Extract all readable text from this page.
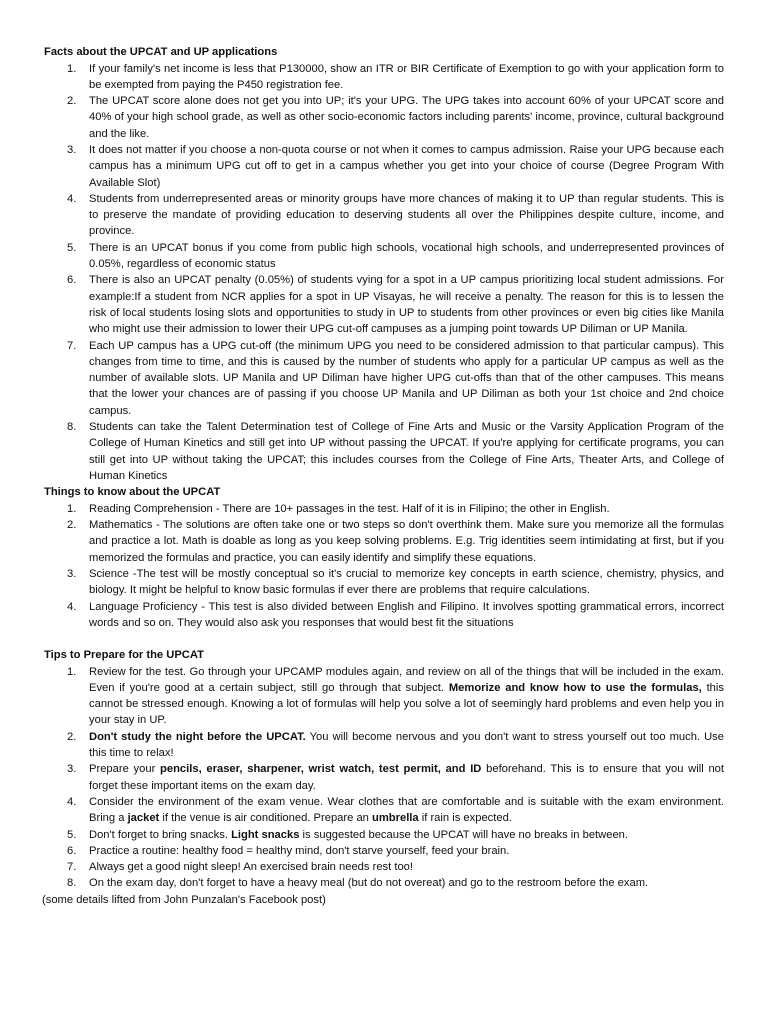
Facts about the UPCAT and UP applications

1. If your family's net income is less that P130000, show an ITR or BIR Certificate of Exemption to go with your application form to be exempted from paying the P450 registration fee.
2. The UPCAT score alone does not get you into UP; it's your UPG. The UPG takes into account 60% of your UPCAT score and 40% of your high school grade, as well as other socio-economic factors including parents' income, province, cultural background and the like.
3. It does not matter if you choose a non-quota course or not when it comes to campus admission. Raise your UPG because each campus has a minimum UPG cut off to get in a campus whether you get into your choice of course (Degree Program With Available Slot)
4. Students from underrepresented areas or minority groups have more chances of making it to UP than regular students. This is to preserve the mandate of providing education to deserving students all over the Philippines despite culture, income, and province.
5. There is an UPCAT bonus if you come from public high schools, vocational high schools, and underrepresented provinces of 0.05%, regardless of economic status
6. There is also an UPCAT penalty (0.05%) of students vying for a spot in a UP campus prioritizing local student admissions. For example:If a student from NCR applies for a spot in UP Visayas, he will receive a penalty. The reason for this is to lessen the risk of local students losing slots and opportunities to study in UP to students from other provinces or even big cities like Manila who might use their admission to lower their UPG cut-off campuses as a jumping point towards UP Diliman or UP Manila.
7. Each UP campus has a UPG cut-off (the minimum UPG you need to be considered admission to that particular campus). This changes from time to time, and this is caused by the number of students who apply for a particular UP campus as well as the number of available slots. UP Manila and UP Diliman have higher UPG cut-offs than that of the other campuses. This means that the lower your chances are of passing if you choose UP Manila and UP Diliman as both your 1st choice and 2nd choice campus.
8. Students can take the Talent Determination test of College of Fine Arts and Music or the Varsity Application Program of the College of Human Kinetics and still get into UP without passing the UPCAT. If you're applying for certificate programs, you can still get into UP without taking the UPCAT; this includes courses from the College of Fine Arts, Theater Arts, and College of Human Kinetics

Things to know about the UPCAT

1. Reading Comprehension - There are 10+ passages in the test. Half of it is in Filipino; the other in English.
2. Mathematics - The solutions are often take one or two steps so don't overthink them. Make sure you memorize all the formulas and practice a lot. Math is doable as long as you keep solving problems. E.g. Trig identities seem intimidating at first, but if you memorized the formulas and practice, you can easily identify and simplify these equations.
3. Science -The test will be mostly conceptual so it's crucial to memorize key concepts in earth science, chemistry, physics, and biology. It might be helpful to know basic formulas if ever there are problems that require calculations.
4. Language Proficiency - This test is also divided between English and Filipino. It involves spotting grammatical errors, incorrect words and so on. They would also ask you responses that would best fit the situations

Tips to Prepare for the UPCAT

1. Review for the test. Go through your UPCAMP modules again, and review on all of the things that will be included in the exam. Even if you're good at a certain subject, still go through that subject. Memorize and know how to use the formulas, this cannot be stressed enough. Knowing a lot of formulas will help you solve a lot of seemingly hard problems and even help you in your stay in UP.
2. Don't study the night before the UPCAT. You will become nervous and you don't want to stress yourself out too much. Use this time to relax!
3. Prepare your pencils, eraser, sharpener, wrist watch, test permit, and ID beforehand. This is to ensure that you will not forget these important items on the exam day.
4. Consider the environment of the exam venue. Wear clothes that are comfortable and is suitable with the exam environment. Bring a jacket if the venue is air conditioned. Prepare an umbrella if rain is expected.
5. Don't forget to bring snacks. Light snacks is suggested because the UPCAT will have no breaks in between.
6. Practice a routine: healthy food = healthy mind, don't starve yourself, feed your brain.
7. Always get a good night sleep! An exercised brain needs rest too!
8. On the exam day, don't forget to have a heavy meal (but do not overeat) and go to the restroom before the exam.
(some details lifted from John Punzalan's Facebook post)
